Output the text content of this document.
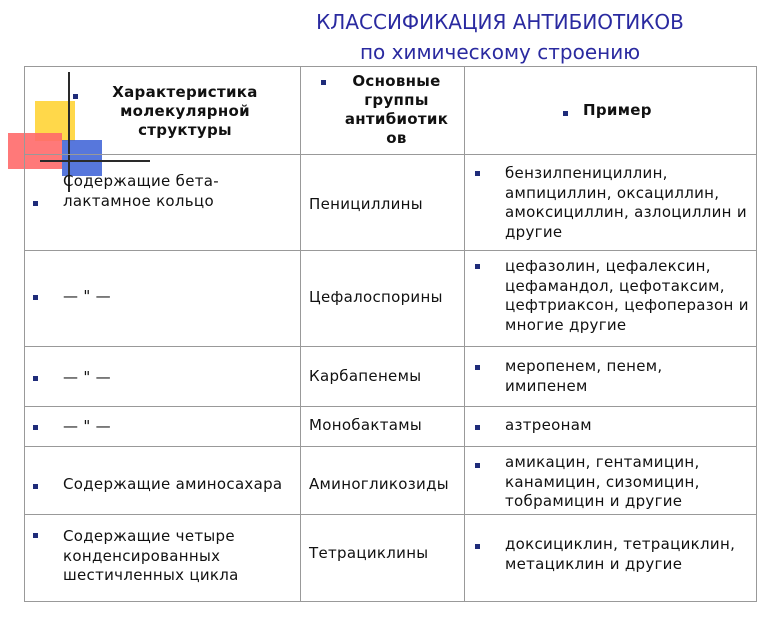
КЛАССИФИКАЦИЯ АНТИБИОТИКОВ
по химическому строению
Характеристика молекулярной структуры	Основные группы антибиотик ов	Пример

Содержащие бета-лактамное кольцо	Пенициллины	бензилпенициллин, ампициллин, оксациллин, амоксициллин, азлоциллин и другие

— " —	Цефалоспорины	цефазолин, цефалексин, цефамандол, цефотаксим, цефтриаксон, цефоперазон и многие другие

— " —	Карбапенемы	меропенем, пенем, имипенем

— " —	Монобактамы	азтреонам

Содержащие аминосахара	Аминогликозиды	амикацин, гентамицин, канамицин, сизомицин, тобрамицин и другие

Содержащие четыре конденсированных шестичленных цикла	Тетрациклины	доксициклин, тетрациклин, метациклин и другие
